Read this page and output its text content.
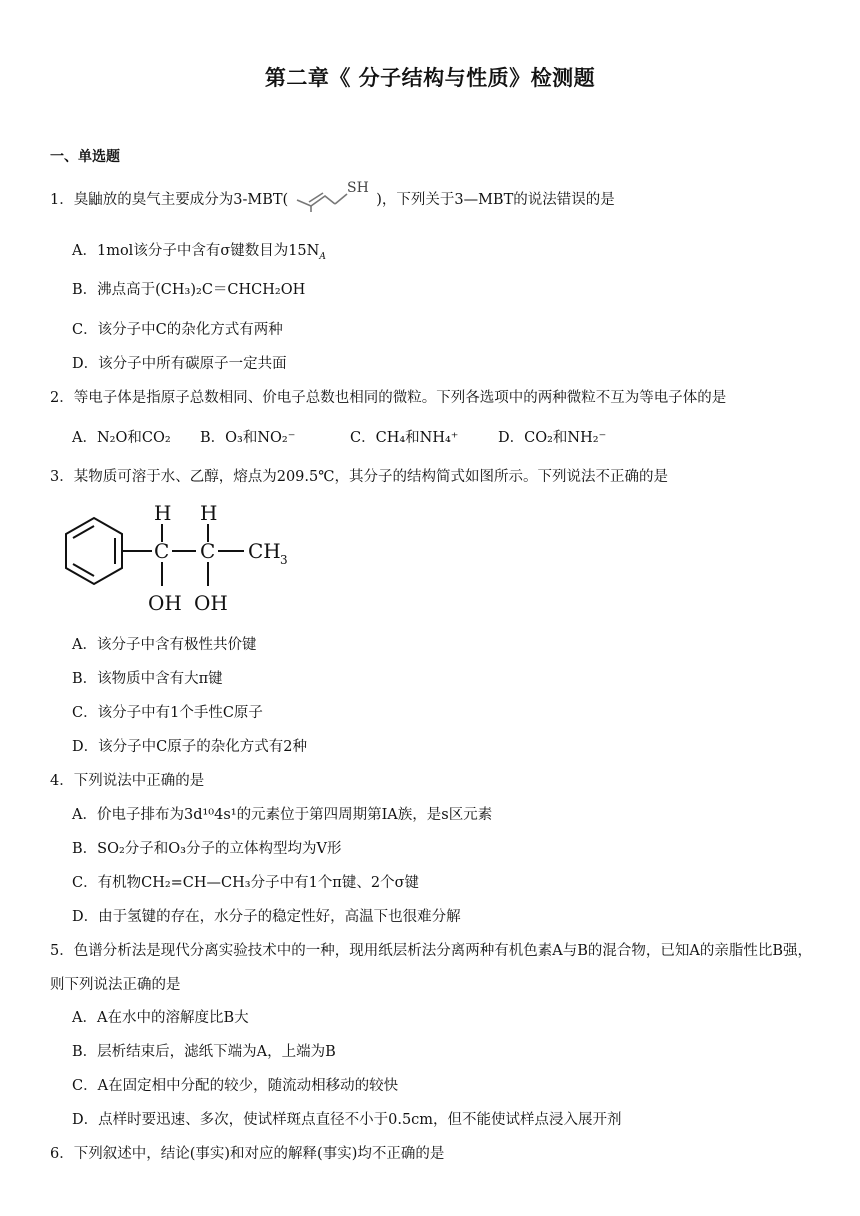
第二章《 分子结构与性质》检测题
一、单选题
1．臭鼬放的臭气主要成分为3-MBT(	)，下列关于3—MBT的说法错误的是
SH
A．1mol该分子中含有σ键数目为$15N_A$
B．沸点高于(CH₃)₂C＝CHCH₂OH
C．该分子中C的杂化方式有两种
D．该分子中所有碳原子一定共面
2．等电子体是指原子总数相同、价电子总数也相同的微粒。下列各选项中的两种微粒不互为等电子体的是
A．N₂O和CO₂ B．O₃和NO₂⁻	C．CH₄和NH₄⁺	D．CO₂和NH₂⁻
3．某物质可溶于水、乙醇，熔点为209.5℃，其分子的结构简式如图所示。下列说法不正确的是
H H
C C CH 3
OH OH
A．该分子中含有极性共价键
B．该物质中含有大π键
C．该分子中有1个手性C原子
D．该分子中C原子的杂化方式有2种
4．下列说法中正确的是
A．价电子排布为3d¹⁰4s¹的元素位于第四周期第IA族，是s区元素
B．SO₂分子和O₃分子的立体构型均为V形
C．有机物CH₂=CH—CH₃分子中有1个π键、2个σ键
D．由于氢键的存在，水分子的稳定性好，高温下也很难分解
5．色谱分析法是现代分离实验技术中的一种，现用纸层析法分离两种有机色素A与B的混合物，已知A的亲脂性比B强，则下列说法正确的是
A．A在水中的溶解度比B大
B．层析结束后，滤纸下端为A，上端为B
C．A在固定相中分配的较少，随流动相移动的较快
D．点样时要迅速、多次，使试样斑点直径不小于0.5cm，但不能使试样点浸入展开剂
6．下列叙述中，结论(事实)和对应的解释(事实)均不正确的是
